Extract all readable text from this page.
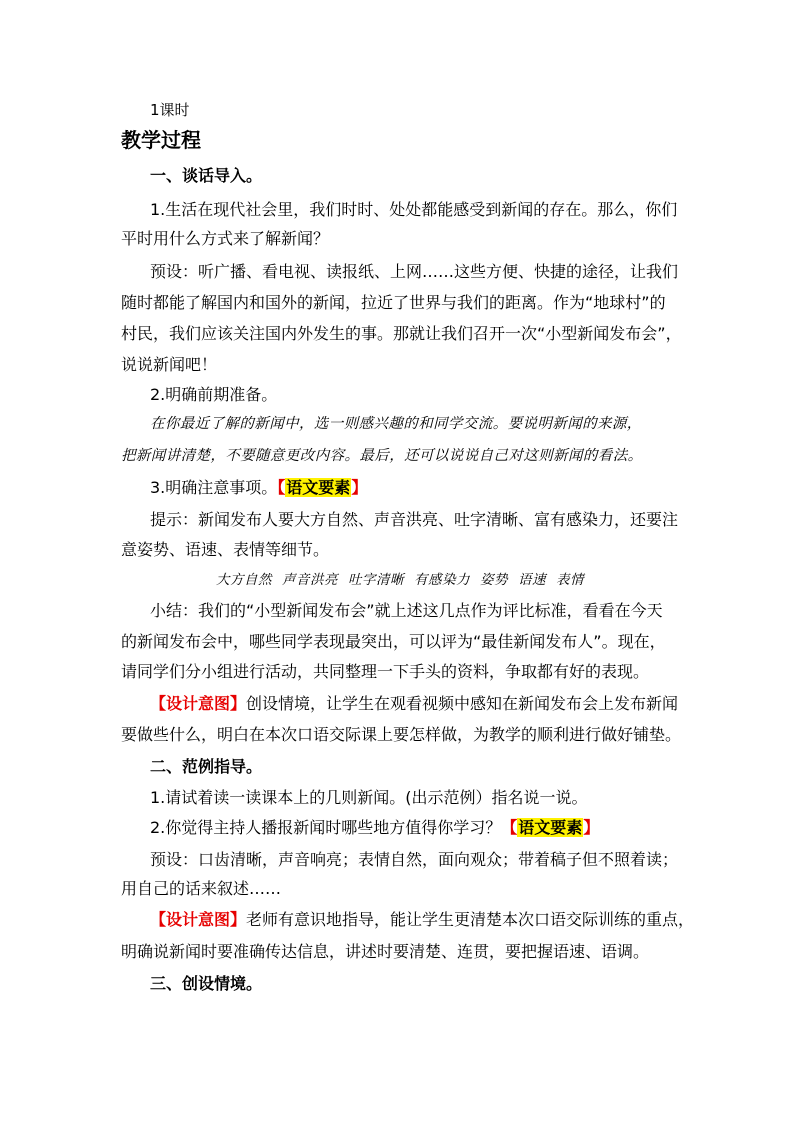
1课时
教学过程
一、谈话导入。
1.生活在现代社会里，我们时时、处处都能感受到新闻的存在。那么，你们
平时用什么方式来了解新闻？
预设：听广播、看电视、读报纸、上网……这些方便、快捷的途径，让我们
随时都能了解国内和国外的新闻，拉近了世界与我们的距离。作为“地球村”的
村民，我们应该关注国内外发生的事。那就让我们召开一次“小型新闻发布会”，
说说新闻吧！
2.明确前期准备。
在你最近了解的新闻中，选一则感兴趣的和同学交流。要说明新闻的来源，
把新闻讲清楚，不要随意更改内容。最后，还可以说说自己对这则新闻的看法。
3.明确注意事项。【语文要素】
提示：新闻发布人要大方自然、声音洪亮、吐字清晰、富有感染力，还要注
意姿势、语速、表情等细节。
大方自然 声音洪亮 吐字清晰 有感染力 姿势 语速 表情
小结：我们的“小型新闻发布会”就上述这几点作为评比标准，看看在今天
的新闻发布会中，哪些同学表现最突出，可以评为“最佳新闻发布人”。现在，
请同学们分小组进行活动，共同整理一下手头的资料，争取都有好的表现。
【设计意图】创设情境，让学生在观看视频中感知在新闻发布会上发布新闻
要做些什么，明白在本次口语交际课上要怎样做，为教学的顺利进行做好铺垫。
二、范例指导。
1.请试着读一读课本上的几则新闻。(出示范例）指名说一说。
2.你觉得主持人播报新闻时哪些地方值得你学习？【语文要素】
预设：口齿清晰，声音响亮；表情自然，面向观众；带着稿子但不照着读；
用自己的话来叙述……
【设计意图】老师有意识地指导，能让学生更清楚本次口语交际训练的重点，
明确说新闻时要准确传达信息，讲述时要清楚、连贯，要把握语速、语调。
三、创设情境。
